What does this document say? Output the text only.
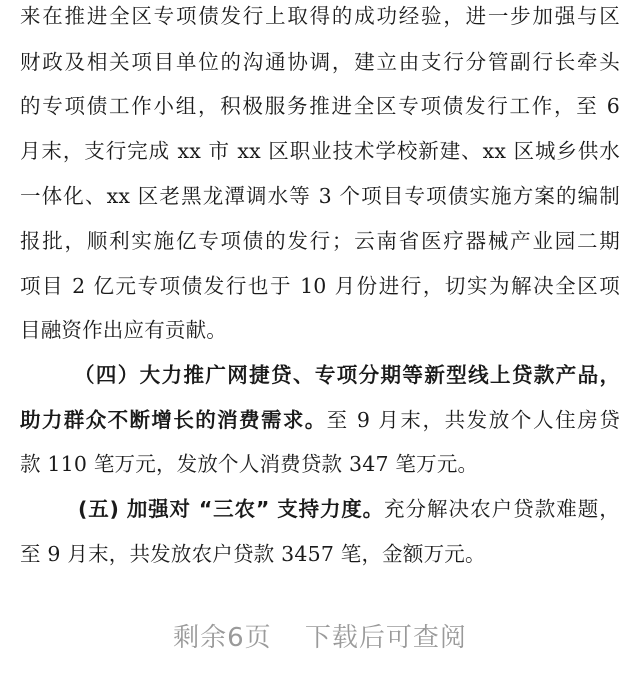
来在推进全区专项债发行上取得的成功经验，进一步加强与区
财政及相关项目单位的沟通协调，建立由支行分管副行长牵头
的专项债工作小组，积极服务推进全区专项债发行工作，至 6
月末，支行完成 xx 市 xx 区职业技术学校新建、xx 区城乡供水
一体化、xx 区老黑龙潭调水等 3 个项目专项债实施方案的编制
报批，顺利实施亿专项债的发行；云南省医疗器械产业园二期
项目 2 亿元专项债发行也于 10 月份进行，切实为解决全区项
目融资作出应有贡献。
（四）大力推广网捷贷、专项分期等新型线上贷款产品，
助力群众不断增长的消费需求。至 9 月末，共发放个人住房贷
款 110 笔万元，发放个人消费贷款 347 笔万元。
(五) 加强对 “三农” 支持力度。充分解决农户贷款难题，
至 9 月末，共发放农户贷款 3457 笔，金额万元。
剩余6页 下载后可查阅
